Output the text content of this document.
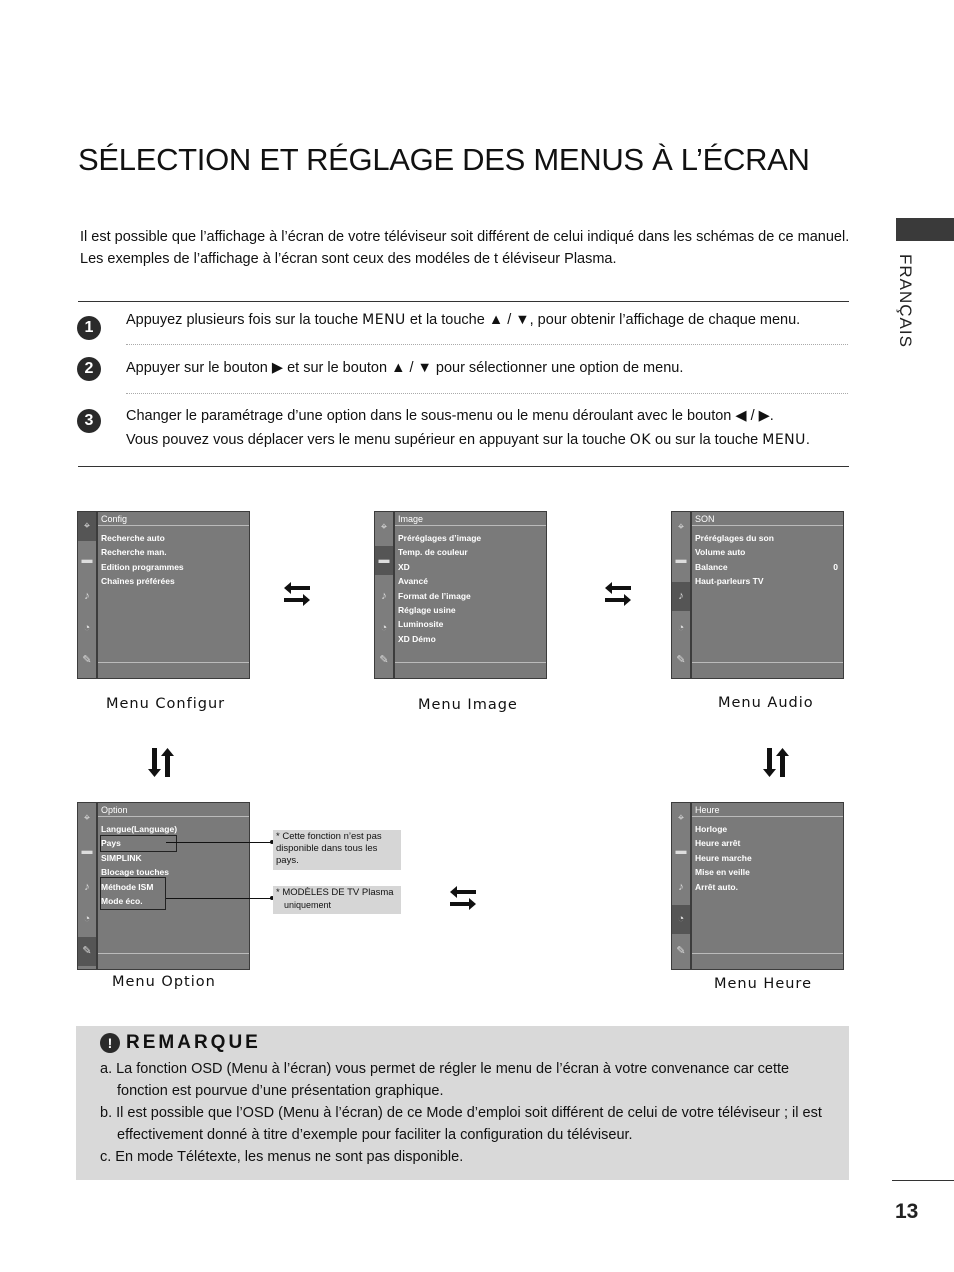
SÉLECTION ET RÉGLAGE DES MENUS À L’ÉCRAN
FRANÇAIS

Il est possible que l’affichage à l’écran de votre téléviseur soit différent de celui indiqué dans les schémas de ce manuel.

Les exemples de l’affichage à l’écran sont ceux des modéles de t éléviseur Plasma.

1	Appuyez plusieurs fois sur la touche MENU et la touche ▲ / ▼, pour obtenir l’affichage de chaque menu.
2	Appuyer sur le bouton ▶ et sur le bouton ▲ / ▼ pour sélectionner une option de menu.
3	Changer le paramétrage d’une option dans le sous-menu ou le menu déroulant avec le bouton ◀ / ▶.
Vous pouvez vous déplacer vers le menu supérieur en appuyant sur la touche OK ou sur la touche MENU.
⌖
▬
♪
◔
✎
Config
Recherche auto
Recherche man.
Edition programmes
Chaînes préférées
Menu Configur
⌖
▬
♪
◔
✎
Image
Préréglages d’image
Temp. de couleur
XD
Avancé
Format de l’image
Réglage usine
Luminosite
XD Démo
Menu Image
⌖
▬
♪
◔
✎
SON
Préréglages du son
Volume auto
Balance	0
Haut-parleurs TV
Menu Audio
⌖
▬
♪
◔
✎
Option
Langue(Language)
Pays
SIMPLINK
Blocage touches
Méthode ISM
Mode éco.
Menu Option
* Cette fonction n’est pas disponible dans tous les pays.
* MODÈLES DE TV Plasma
uniquement
⌖
▬
♪
◔
✎
Heure
Horloge
Heure arrêt
Heure marche
Mise en veille
Arrêt auto.
Menu Heure
! REMARQUE
a. La fonction OSD (Menu à l’écran) vous permet de régler le menu de l’écran à votre convenance car cette fonction est pourvue d’une présentation graphique.
b. Il est possible que l’OSD (Menu à l’écran) de ce Mode d’emploi soit différent de celui de votre téléviseur ; il est effectivement donné à titre d’exemple pour faciliter la configuration du téléviseur.
c. En mode Télétexte, les menus ne sont pas disponible.
13
